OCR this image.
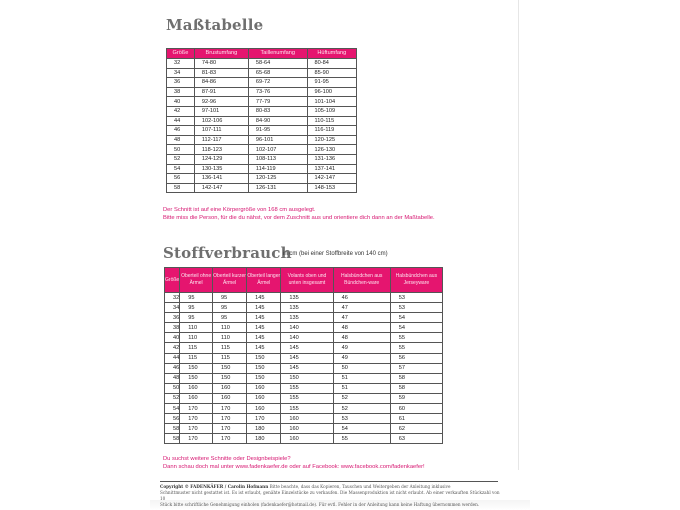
Maßtabelle
Größe	Brustumfang	Taillenumfang	Hüftumfang
32	74-80	58-64	80-84
34	81-83	65-68	85-90
36	84-86	69-72	91-95
38	87-91	73-76	96-100
40	92-96	77-79	101-104
42	97-101	80-83	105-109
44	102-106	84-90	110-115
46	107-111	91-95	116-119
48	112-117	96-101	120-125
50	118-123	102-107	126-130
52	124-129	108-113	131-136
54	130-135	114-119	137-141
56	136-141	120-125	142-147
58	142-147	126-131	148-153
Der Schnitt ist auf eine Körpergröße von 168 cm ausgelegt.
Bitte miss die Person, für die du nähst, vor dem Zuschnitt aus und orientiere dich dann an der Maßtabelle.
Stoffverbrauch
in cm (bei einer Stoffbreite von 140 cm)
Größe	Oberteil ohne Ärmel	Oberteil kurzer Ärmel	Oberteil langer Ärmel	Volants oben und unten insgesamt	Halsbündchen aus Bündchen-ware	Halsbündchen aus Jerseyware
32	95	95	145	135	46	53
34	95	95	145	135	47	53
36	95	95	145	135	47	54
38	110	110	145	140	48	54
40	110	110	145	140	48	55
42	115	115	145	145	49	55
44	115	115	150	145	49	56
46	150	150	150	145	50	57
48	150	150	150	150	51	58
50	160	160	160	155	51	58
52	160	160	160	155	52	59
54	170	170	160	155	52	60
56	170	170	170	160	53	61
58	170	170	180	160	54	62
58	170	170	180	160	55	63
Du suchst weitere Schnitte oder Designbeispiele?
Dann schau doch mal unter www.fadenkaefer.de oder auf Facebook: www.facebook.com/fadenkaefer!
Copyright © FADENKÄFER / Carolin Hofmann Bitte beachte, dass das Kopieren, Tauschen und Weitergeben der Anleitung inklusive
Schnittmuster nicht gestattet ist. Es ist erlaubt, genähte Einzelstücke zu verkaufen. Die Massenproduktion ist nicht erlaubt. Ab einer verkauften Stückzahl von 10
Stück bitte schriftliche Genehmigung einholen (fadenkaefer@hotmail.de). Für evtl. Fehler in der Anleitung kann keine Haftung übernommen werden.
